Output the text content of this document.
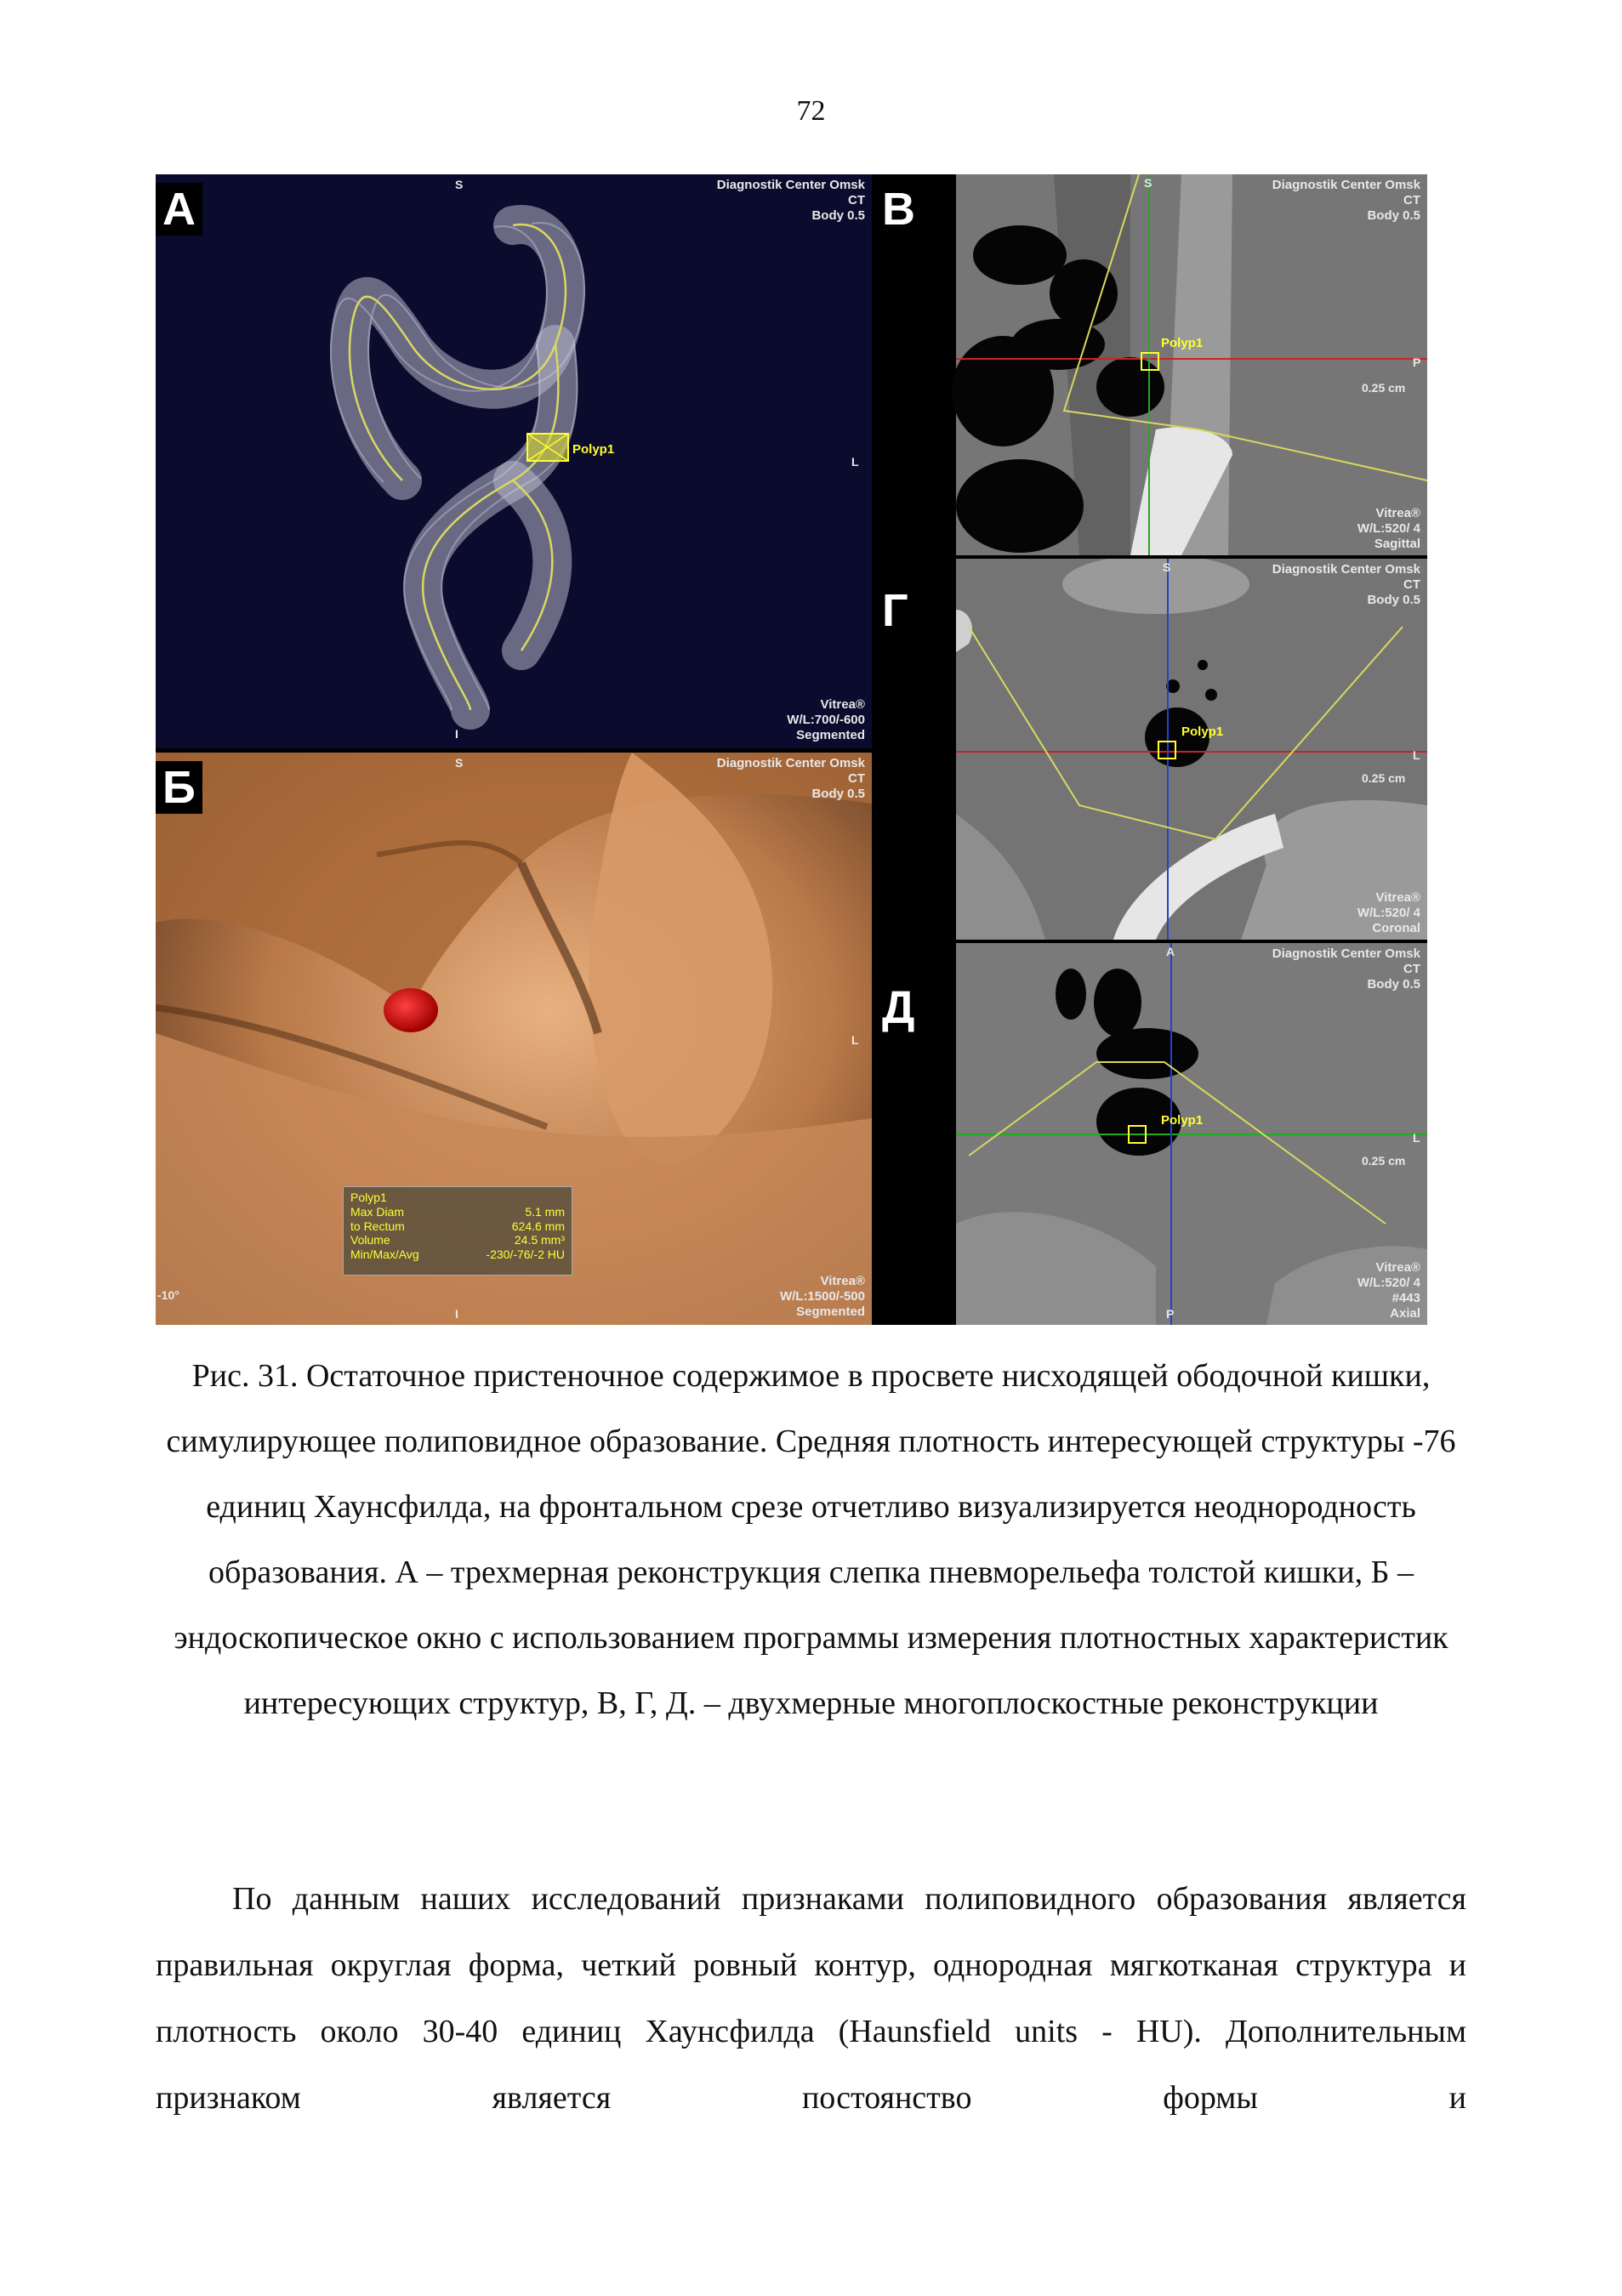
72
Polyp1
А	S
L
I
Diagnostik Center Omsk
CT
Body 0.5
Vitrea®
W/L:700/-600
Segmented
Б	S
L
I
-10°
Diagnostik Center Omsk
CT
Body 0.5
Vitrea®
W/L:1500/-500
Segmented
Polyp1
Max Diam	5.1 mm
to Rectum	624.6 mm
Volume	24.5 mm³
Min/Max/Avg	-230/-76/-2 HU
В
Polyp1
S
P
0.25 cm
Diagnostik Center Omsk
CT
Body 0.5
Vitrea®
W/L:520/ 4
Sagittal
Г
Polyp1
S
L
0.25 cm
Diagnostik Center Omsk
CT
Body 0.5
Vitrea®
W/L:520/ 4
Coronal
Д
Polyp1
A
L
P
0.25 cm
Diagnostik Center Omsk
CT
Body 0.5
Vitrea®
W/L:520/ 4
#443
Axial
Рис. 31. Остаточное пристеночное содержимое в просвете нисходящей ободочной кишки, симулирующее полиповидное образование. Средняя плотность интересующей структуры -76 единиц Хаунсфилда, на фронтальном срезе отчетливо визуализируется неоднородность образования. А – трехмерная реконструкция слепка пневморельефа толстой кишки, Б – эндоскопическое окно с использованием программы измерения плотностных характеристик интересующих структур, В, Г, Д. – двухмерные многоплоскостные реконструкции
По данным наших исследований признаками полиповидного образования является правильная округлая форма, четкий ровный контур, однородная мягкотканая структура и плотность около 30-40 единиц Хаунсфилда (Haunsfield units - HU). Дополнительным признаком является постоянство формы и
